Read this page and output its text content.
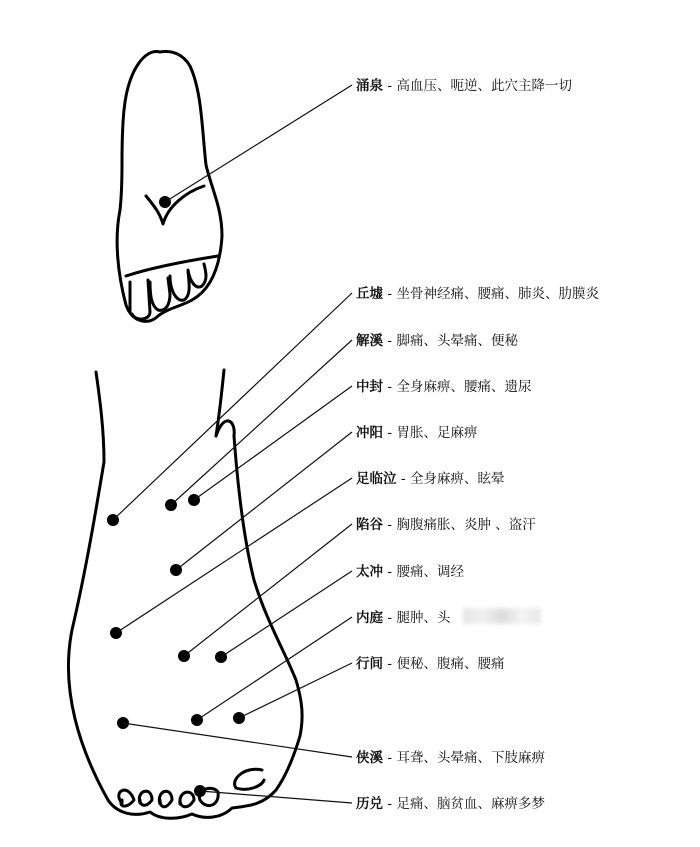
涌泉 - 高血压、呃逆、此穴主降一切
丘墟 - 坐骨神经痛、腰痛、肺炎、肋膜炎
解溪 - 脚痛、头晕痛、便秘
中封 - 全身麻痹、腰痛、遗尿
冲阳 - 胃胀、足麻痹
足临泣 - 全身麻痹、眩晕
陷谷 - 胸腹痛胀、炎肿 、盗汗
太冲 - 腰痛、调经
内庭 - 腿肿、头
行间 - 便秘、腹痛、腰痛
侠溪 - 耳聋、头晕痛、下肢麻痹
历兑 - 足痛、脑贫血、麻痹多梦
